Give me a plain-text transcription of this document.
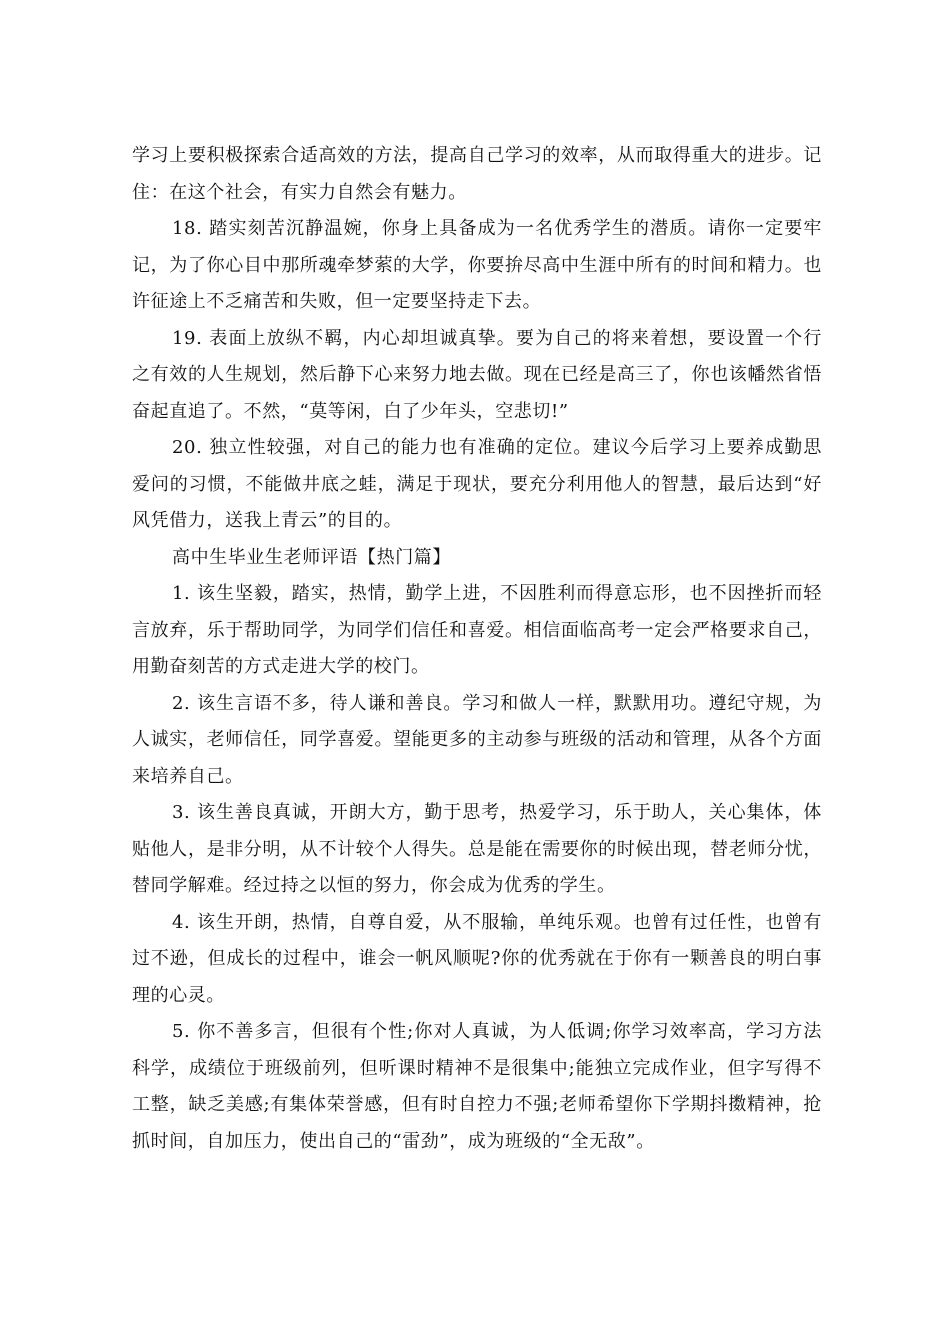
学习上要积极探索合适高效的方法，提高自己学习的效率，从而取得重大的进步。记住：在这个社会，有实力自然会有魅力。

18. 踏实刻苦沉静温婉，你身上具备成为一名优秀学生的潜质。请你一定要牢记，为了你心目中那所魂牵梦萦的大学，你要拚尽高中生涯中所有的时间和精力。也许征途上不乏痛苦和失败，但一定要坚持走下去。

19. 表面上放纵不羁，内心却坦诚真挚。要为自己的将来着想，要设置一个行之有效的人生规划，然后静下心来努力地去做。现在已经是高三了，你也该幡然省悟奋起直追了。不然，“莫等闲，白了少年头，空悲切!”

20. 独立性较强，对自己的能力也有准确的定位。建议今后学习上要养成勤思爱问的习惯，不能做井底之蛙，满足于现状，要充分利用他人的智慧，最后达到“好风凭借力，送我上青云”的目的。

高中生毕业生老师评语【热门篇】

1. 该生坚毅，踏实，热情，勤学上进，不因胜利而得意忘形，也不因挫折而轻言放弃，乐于帮助同学，为同学们信任和喜爱。相信面临高考一定会严格要求自己，用勤奋刻苦的方式走进大学的校门。

2. 该生言语不多，待人谦和善良。学习和做人一样，默默用功。遵纪守规，为人诚实，老师信任，同学喜爱。望能更多的主动参与班级的活动和管理，从各个方面来培养自己。

3. 该生善良真诚，开朗大方，勤于思考，热爱学习，乐于助人，关心集体，体贴他人，是非分明，从不计较个人得失。总是能在需要你的时候出现，替老师分忧，替同学解难。经过持之以恒的努力，你会成为优秀的学生。

4. 该生开朗，热情，自尊自爱，从不服输，单纯乐观。也曾有过任性，也曾有过不逊，但成长的过程中，谁会一帆风顺呢?你的优秀就在于你有一颗善良的明白事理的心灵。

5. 你不善多言，但很有个性;你对人真诚，为人低调;你学习效率高，学习方法科学，成绩位于班级前列，但听课时精神不是很集中;能独立完成作业，但字写得不工整，缺乏美感;有集体荣誉感，但有时自控力不强;老师希望你下学期抖擞精神，抢抓时间，自加压力，使出自己的“雷劲”，成为班级的“全无敌”。
